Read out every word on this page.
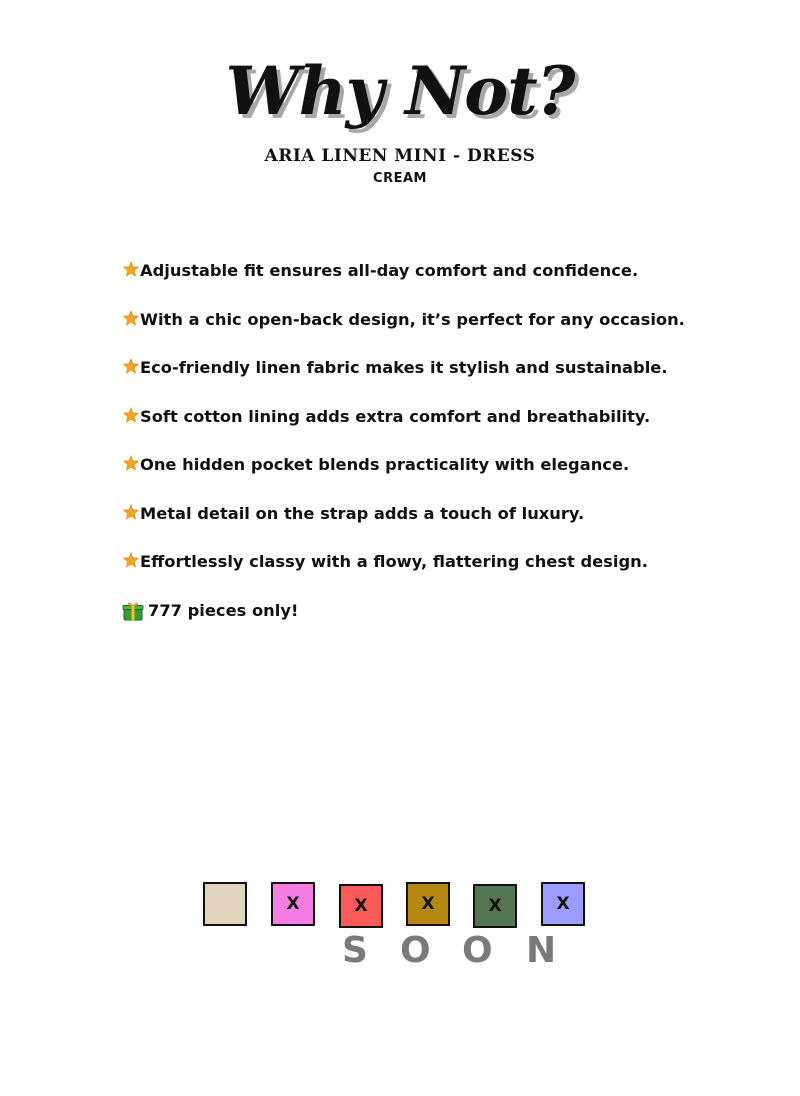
Why Not?
ARIA LINEN MINI - DRESS
CREAM
Adjustable fit ensures all-day comfort and confidence.
With a chic open-back design, it’s perfect for any occasion.
Eco-friendly linen fabric makes it stylish and sustainable.
Soft cotton lining adds extra comfort and breathability.
One hidden pocket blends practicality with elegance.
Metal detail on the strap adds a touch of luxury.
Effortlessly classy with a flowy, flattering chest design.
777 pieces only!
X	X	X	X	X
S O O N
